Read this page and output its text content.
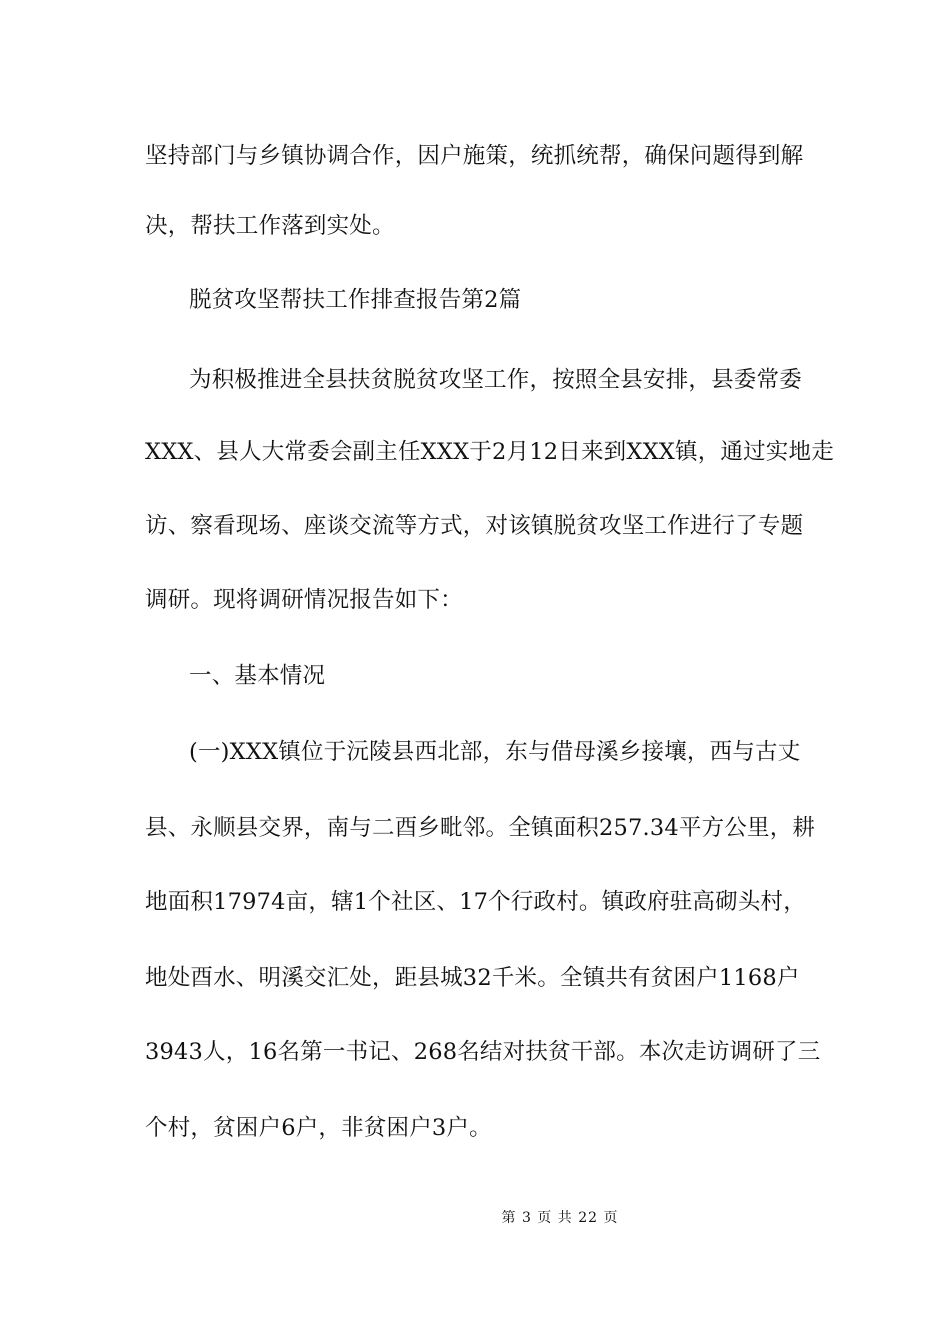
坚持部门与乡镇协调合作，因户施策，统抓统帮，确保问题得到解
决，帮扶工作落到实处。
脱贫攻坚帮扶工作排查报告第2篇
为积极推进全县扶贫脱贫攻坚工作，按照全县安排，县委常委
XXX、县人大常委会副主任XXX于2月12日来到XXX镇，通过实地走
访、察看现场、座谈交流等方式，对该镇脱贫攻坚工作进行了专题
调研。现将调研情况报告如下：
一、基本情况
(一)XXX镇位于沅陵县西北部，东与借母溪乡接壤，西与古丈
县、永顺县交界，南与二酉乡毗邻。全镇面积257.34平方公里，耕
地面积17974亩，辖1个社区、17个行政村。镇政府驻高砌头村，
地处酉水、明溪交汇处，距县城32千米。全镇共有贫困户1168户
3943人，16名第一书记、268名结对扶贫干部。本次走访调研了三
个村，贫困户6户，非贫困户3户。
第 3 页 共 22 页
